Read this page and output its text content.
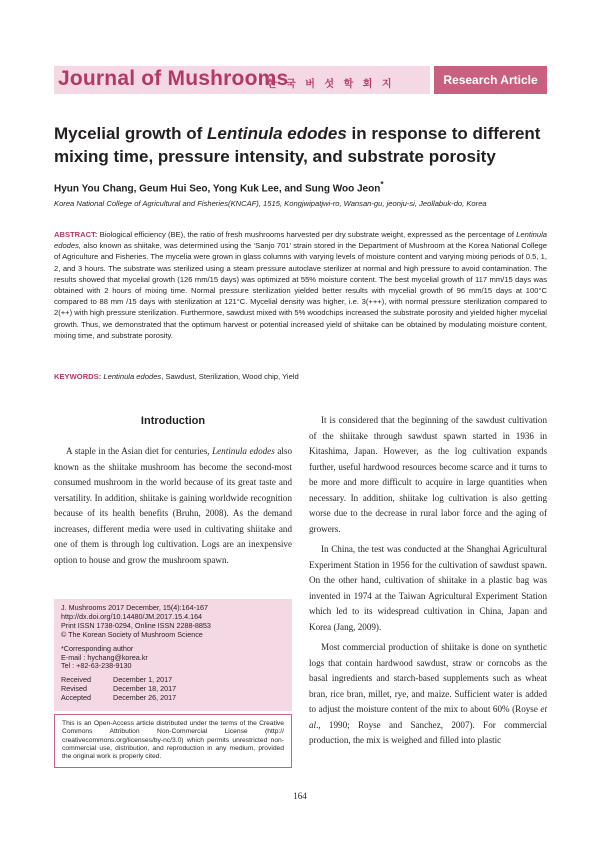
Journal of Mushrooms
한 국 버 섯 학 회 지	Research Article
Mycelial growth of Lentinula edodes in response to different mixing time, pressure intensity, and substrate porosity
Hyun You Chang, Geum Hui Seo, Yong Kuk Lee, and Sung Woo Jeon*
Korea National College of Agricultural and Fisheries(KNCAF), 1515, Kongjwipatjwi-ro, Wansan-gu, jeonju-si, Jeollabuk-do, Korea

ABSTRACT: Biological efficiency (BE), the ratio of fresh mushrooms harvested per dry substrate weight, expressed as the percentage of Lentinula edodes, also known as shiitake, was determined using the ‘Sanjo 701’ strain stored in the Department of Mushroom at the Korea National College of Agriculture and Fisheries. The mycelia were grown in glass columns with varying levels of moisture content and varying mixing periods of 0.5, 1, 2, and 3 hours. The substrate was sterilized using a steam pressure autoclave sterilizer at normal and high pressure to avoid contamination. The results showed that mycelial growth (126 mm/15 days) was optimized at 55% moisture content. The best mycelial growth of 117 mm/15 days was obtained with 2 hours of mixing time. Normal pressure sterilization yielded better results with mycelial growth of 96 mm/15 days at 100°C compared to 88 mm /15 days with sterilization at 121°C. Mycelial density was higher, i.e. 3(+++), with normal pressure sterilization compared to 2(++) with high pressure sterilization. Furthermore, sawdust mixed with 5% woodchips increased the substrate porosity and yielded higher mycelial growth. Thus, we demonstrated that the optimum harvest or potential increased yield of shiitake can be obtained by modulating moisture content, mixing time, and substrate porosity.

KEYWORDS: Lentinula edodes, Sawdust, Sterilization, Wood chip, Yield

Introduction

A staple in the Asian diet for centuries, Lentinula edodes also known as the shiitake mushroom has become the second-most consumed mushroom in the world because of its great taste and versatility. In addition, shiitake is gaining worldwide recognition because of its health benefits (Bruhn, 2008). As the demand increases, different media were used in cultivating shiitake and one of them is through log cultivation. Logs are an inexpensive option to house and grow the mushroom spawn.

J. Mushrooms 2017 December, 15(4):164-167
http://dx.doi.org/10.14480/JM.2017.15.4.164
Print ISSN 1738-0294, Online ISSN 2288-8853
© The Korean Society of Mushroom Science
*Corresponding author
E-mail : hychang@korea.kr
Tel : +82-63-238-9130
Received	December 1, 2017
Revised	December 18, 2017
Accepted	December 26, 2017

This is an Open-Access article distributed under the terms of the Creative Commons Attribution Non-Commercial License (http:// creativecommons.org/licenses/by-nc/3.0) which permits unrestricted non-commercial use, distribution, and reproduction in any medium, provided the original work is properly cited.

It is considered that the beginning of the sawdust cultivation of the shiitake through sawdust spawn started in 1936 in Kitashima, Japan. However, as the log cultivation expands further, useful hardwood resources become scarce and it turns to be more and more difficult to acquire in large quantities when necessary. In addition, shiitake log cultivation is also getting worse due to the decrease in rural labor force and the aging of growers.

In China, the test was conducted at the Shanghai Agricultural Experiment Station in 1956 for the cultivation of sawdust spawn. On the other hand, cultivation of shiitake in a plastic bag was invented in 1974 at the Taiwan Agricultural Experiment Station which led to its widespread cultivation in China, Japan and Korea (Jang, 2009).

Most commercial production of shiitake is done on synthetic logs that contain hardwood sawdust, straw or corncobs as the basal ingredients and starch-based supplements such as wheat bran, rice bran, millet, rye, and maize. Sufficient water is added to adjust the moisture content of the mix to about 60% (Royse et al., 1990; Royse and Sanchez, 2007). For commercial production, the mix is weighed and filled into plastic

164
